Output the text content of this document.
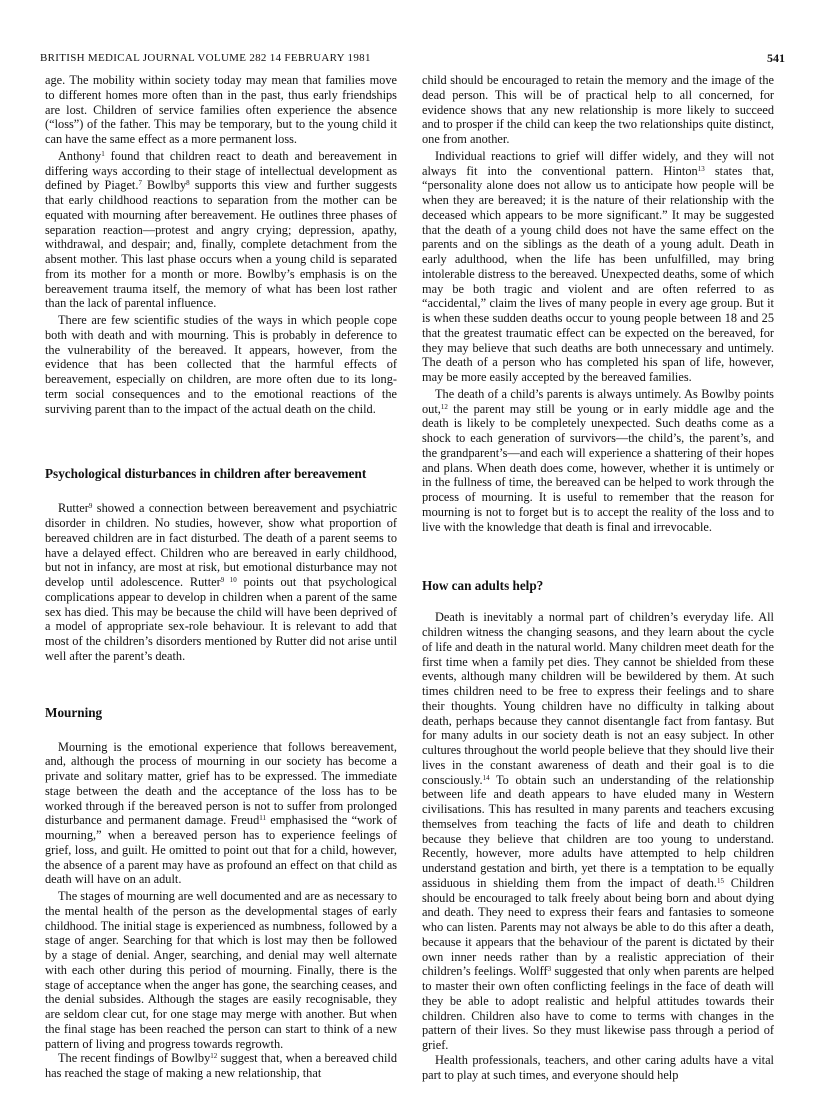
BRITISH MEDICAL JOURNAL VOLUME 282 14 FEBRUARY 1981	541

age. The mobility within society today may mean that families move to different homes more often than in the past, thus early friendships are lost. Children of service families often experience the absence (“loss”) of the father. This may be temporary, but to the young child it can have the same effect as a more permanent loss.

Anthony$^1$ found that children react to death and bereavement in differing ways according to their stage of intellectual development as defined by Piaget.$^7$ Bowlby$^8$ supports this view and further suggests that early childhood reactions to separation from the mother can be equated with mourning after bereavement. He outlines three phases of separation reaction—protest and angry crying; depression, apathy, withdrawal, and despair; and, finally, complete detachment from the absent mother. This last phase occurs when a young child is separated from its mother for a month or more. Bowlby’s emphasis is on the bereavement trauma itself, the memory of what has been lost rather than the lack of parental influence.

There are few scientific studies of the ways in which people cope both with death and with mourning. This is probably in deference to the vulnerability of the bereaved. It appears, however, from the evidence that has been collected that the harmful effects of bereavement, especially on children, are more often due to its long-term social consequences and to the emotional reactions of the surviving parent than to the impact of the actual death on the child.

Psychological disturbances in children after bereavement

Rutter$^9$ showed a connection between bereavement and psychiatric disorder in children. No studies, however, show what proportion of bereaved children are in fact disturbed. The death of a parent seems to have a delayed effect. Children who are bereaved in early childhood, but not in infancy, are most at risk, but emotional disturbance may not develop until adolescence. Rutter$^{9 10}$ points out that psychological complications appear to develop in children when a parent of the same sex has died. This may be because the child will have been deprived of a model of appropriate sex-role behaviour. It is relevant to add that most of the children’s disorders mentioned by Rutter did not arise until well after the parent’s death.

Mourning

Mourning is the emotional experience that follows bereavement, and, although the process of mourning in our society has become a private and solitary matter, grief has to be expressed. The immediate stage between the death and the acceptance of the loss has to be worked through if the bereaved person is not to suffer from prolonged disturbance and permanent damage. Freud$^{11}$ emphasised the “work of mourning,” when a bereaved person has to experience feelings of grief, loss, and guilt. He omitted to point out that for a child, however, the absence of a parent may have as profound an effect on that child as death will have on an adult.

The stages of mourning are well documented and are as necessary to the mental health of the person as the developmental stages of early childhood. The initial stage is experienced as numbness, followed by a stage of anger. Searching for that which is lost may then be followed by a stage of denial. Anger, searching, and denial may well alternate with each other during this period of mourning. Finally, there is the stage of acceptance when the anger has gone, the searching ceases, and the denial subsides. Although the stages are easily recognisable, they are seldom clear cut, for one stage may merge with another. But when the final stage has been reached the person can start to think of a new pattern of living and progress towards regrowth.

The recent findings of Bowlby$^{12}$ suggest that, when a bereaved child has reached the stage of making a new relationship, that

child should be encouraged to retain the memory and the image of the dead person. This will be of practical help to all concerned, for evidence shows that any new relationship is more likely to succeed and to prosper if the child can keep the two relationships quite distinct, one from another.

Individual reactions to grief will differ widely, and they will not always fit into the conventional pattern. Hinton$^{13}$ states that, “personality alone does not allow us to anticipate how people will be when they are bereaved; it is the nature of their relationship with the deceased which appears to be more significant.” It may be suggested that the death of a young child does not have the same effect on the parents and on the siblings as the death of a young adult. Death in early adulthood, when the life has been unfulfilled, may bring intolerable distress to the bereaved. Unexpected deaths, some of which may be both tragic and violent and are often referred to as “accidental,” claim the lives of many people in every age group. But it is when these sudden deaths occur to young people between 18 and 25 that the greatest traumatic effect can be expected on the bereaved, for they may believe that such deaths are both unnecessary and untimely. The death of a person who has completed his span of life, however, may be more easily accepted by the bereaved families.

The death of a child’s parents is always untimely. As Bowlby points out,$^{12}$ the parent may still be young or in early middle age and the death is likely to be completely unexpected. Such deaths come as a shock to each generation of survivors—the child’s, the parent’s, and the grandparent’s—and each will experience a shattering of their hopes and plans. When death does come, however, whether it is untimely or in the fullness of time, the bereaved can be helped to work through the process of mourning. It is useful to remember that the reason for mourning is not to forget but is to accept the reality of the loss and to live with the knowledge that death is final and irrevocable.

How can adults help?

Death is inevitably a normal part of children’s everyday life. All children witness the changing seasons, and they learn about the cycle of life and death in the natural world. Many children meet death for the first time when a family pet dies. They cannot be shielded from these events, although many children will be bewildered by them. At such times children need to be free to express their feelings and to share their thoughts. Young children have no difficulty in talking about death, perhaps because they cannot disentangle fact from fantasy. But for many adults in our society death is not an easy subject. In other cultures throughout the world people believe that they should live their lives in the constant awareness of death and their goal is to die consciously.$^{14}$ To obtain such an understanding of the relationship between life and death appears to have eluded many in Western civilisations. This has resulted in many parents and teachers excusing themselves from teaching the facts of life and death to children because they believe that children are too young to understand. Recently, however, more adults have attempted to help children understand gestation and birth, yet there is a temptation to be equally assiduous in shielding them from the impact of death.$^{15}$ Children should be encouraged to talk freely about being born and about dying and death. They need to express their fears and fantasies to someone who can listen. Parents may not always be able to do this after a death, because it appears that the behaviour of the parent is dictated by their own inner needs rather than by a realistic appreciation of their children’s feelings. Wolff$^3$ suggested that only when parents are helped to master their own often conflicting feelings in the face of death will they be able to adopt realistic and helpful attitudes towards their children. Children also have to come to terms with changes in the pattern of their lives. So they must likewise pass through a period of grief.

Health professionals, teachers, and other caring adults have a vital part to play at such times, and everyone should help
